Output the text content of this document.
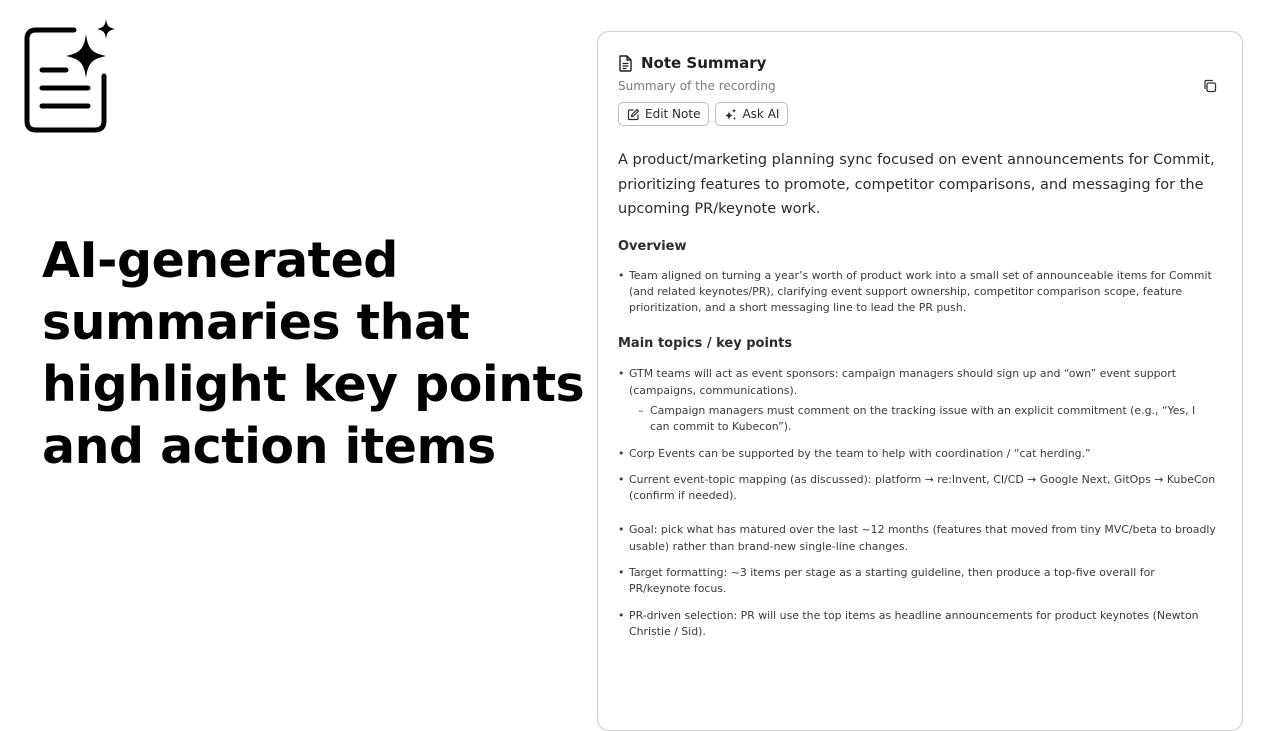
AI-generated summaries that highlight key points and action items
Note Summary
Summary of the recording
Edit Note	Ask AI

A product/marketing planning sync focused on event announcements for Commit, prioritizing features to promote, competitor comparisons, and messaging for the upcoming PR/keynote work.

Overview
• Team aligned on turning a year’s worth of product work into a small set of announceable items for Commit (and related keynotes/PR), clarifying event support ownership, competitor comparison scope, feature prioritization, and a short messaging line to lead the PR push.
Main topics / key points
• GTM teams will act as event sponsors: campaign managers should sign up and “own” event support (campaigns, communications).
– Campaign managers must comment on the tracking issue with an explicit commitment (e.g., “Yes, I can commit to Kubecon”).
• Corp Events can be supported by the team to help with coordination / “cat herding.”
• Current event-topic mapping (as discussed): platform → re:Invent, CI/CD → Google Next, GitOps → KubeCon (confirm if needed).
• Goal: pick what has matured over the last ~12 months (features that moved from tiny MVC/beta to broadly usable) rather than brand-new single-line changes.
• Target formatting: ~3 items per stage as a starting guideline, then produce a top-five overall for PR/keynote focus.
• PR-driven selection: PR will use the top items as headline announcements for product keynotes (Newton Christie / Sid).
